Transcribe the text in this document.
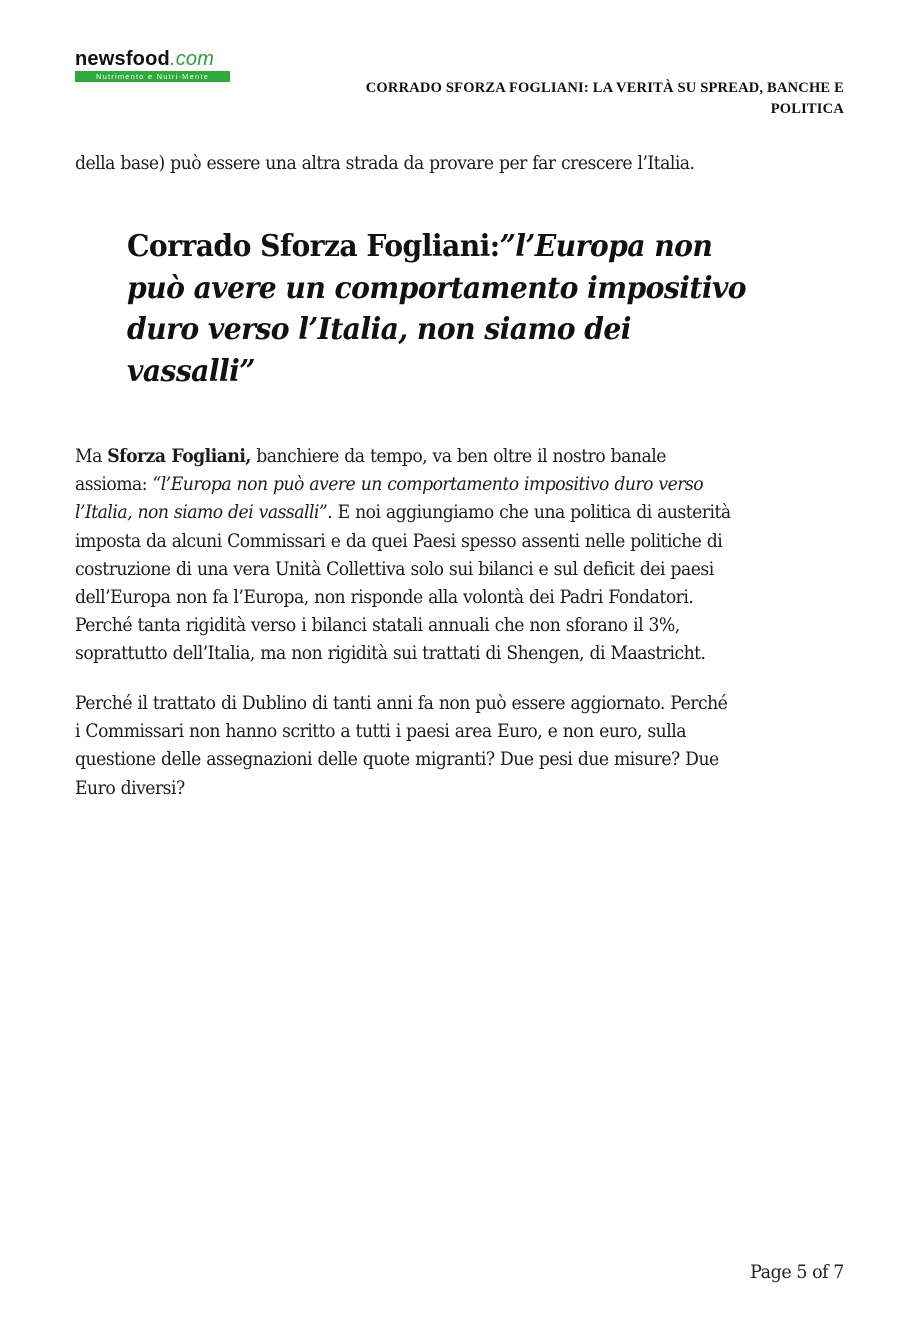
newsfood.com
Nutrimento e Nutri-Mente
CORRADO SFORZA FOGLIANI: LA VERITÀ SU SPREAD, BANCHE E
POLITICA
della base) può essere una altra strada da provare per far crescere l’Italia.
Corrado Sforza Fogliani:”l’Europa non
può avere un comportamento impositivo
duro verso l’Italia, non siamo dei
vassalli”
Ma Sforza Fogliani, banchiere da tempo, va ben oltre il nostro banale
assioma: “l’Europa non può avere un comportamento impositivo duro verso
l’Italia, non siamo dei vassalli”. E noi aggiungiamo che una politica di austerità
imposta da alcuni Commissari e da quei Paesi spesso assenti nelle politiche di
costruzione di una vera Unità Collettiva solo sui bilanci e sul deficit dei paesi
dell’Europa non fa l’Europa, non risponde alla volontà dei Padri Fondatori.
Perché tanta rigidità verso i bilanci statali annuali che non sforano il 3%,
soprattutto dell’Italia, ma non rigidità sui trattati di Shengen, di Maastricht.
Perché il trattato di Dublino di tanti anni fa non può essere aggiornato. Perché
i Commissari non hanno scritto a tutti i paesi area Euro, e non euro, sulla
questione delle assegnazioni delle quote migranti? Due pesi due misure? Due
Euro diversi?
Page 5 of 7
